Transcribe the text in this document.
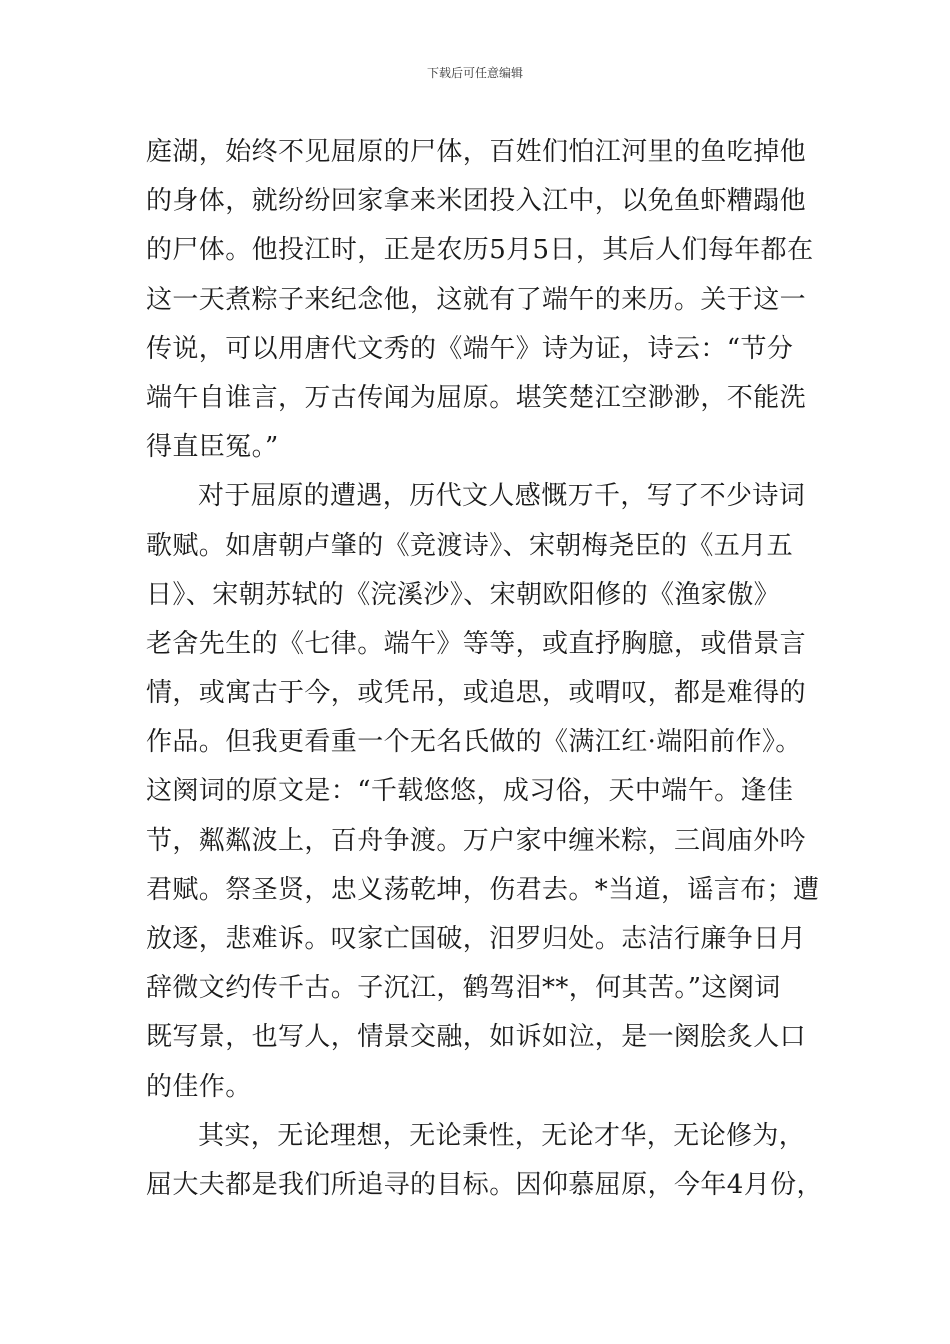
下载后可任意编辑
庭湖，始终不见屈原的尸体，百姓们怕江河里的鱼吃掉他
的身体，就纷纷回家拿来米团投入江中，以免鱼虾糟蹋他
的尸体。他投江时，正是农历5月5日，其后人们每年都在
这一天煮粽子来纪念他，这就有了端午的来历。关于这一
传说，可以用唐代文秀的《端午》诗为证，诗云：“节分
端午自谁言，万古传闻为屈原。堪笑楚江空渺渺，不能洗
得直臣冤。”
对于屈原的遭遇，历代文人感慨万千，写了不少诗词
歌赋。如唐朝卢肇的《竞渡诗》、宋朝梅尧臣的《五月五
日》、宋朝苏轼的《浣溪沙》、宋朝欧阳修的《渔家傲》
老舍先生的《七律。端午》等等，或直抒胸臆，或借景言
情，或寓古于今，或凭吊，或追思，或喟叹，都是难得的
作品。但我更看重一个无名氏做的《满江红·端阳前作》。
这阕词的原文是：“千载悠悠，成习俗，天中端午。逢佳
节，粼粼波上，百舟争渡。万户家中缠米粽，三闾庙外吟
君赋。祭圣贤，忠义荡乾坤，伤君去。*当道，谣言布；遭
放逐，悲难诉。叹家亡国破，汨罗归处。志洁行廉争日月
辞微文约传千古。子沉江，鹤驾泪**，何其苦。”这阕词
既写景，也写人，情景交融，如诉如泣，是一阕脍炙人口
的佳作。
其实，无论理想，无论秉性，无论才华，无论修为，
屈大夫都是我们所追寻的目标。因仰慕屈原，今年4月份，
